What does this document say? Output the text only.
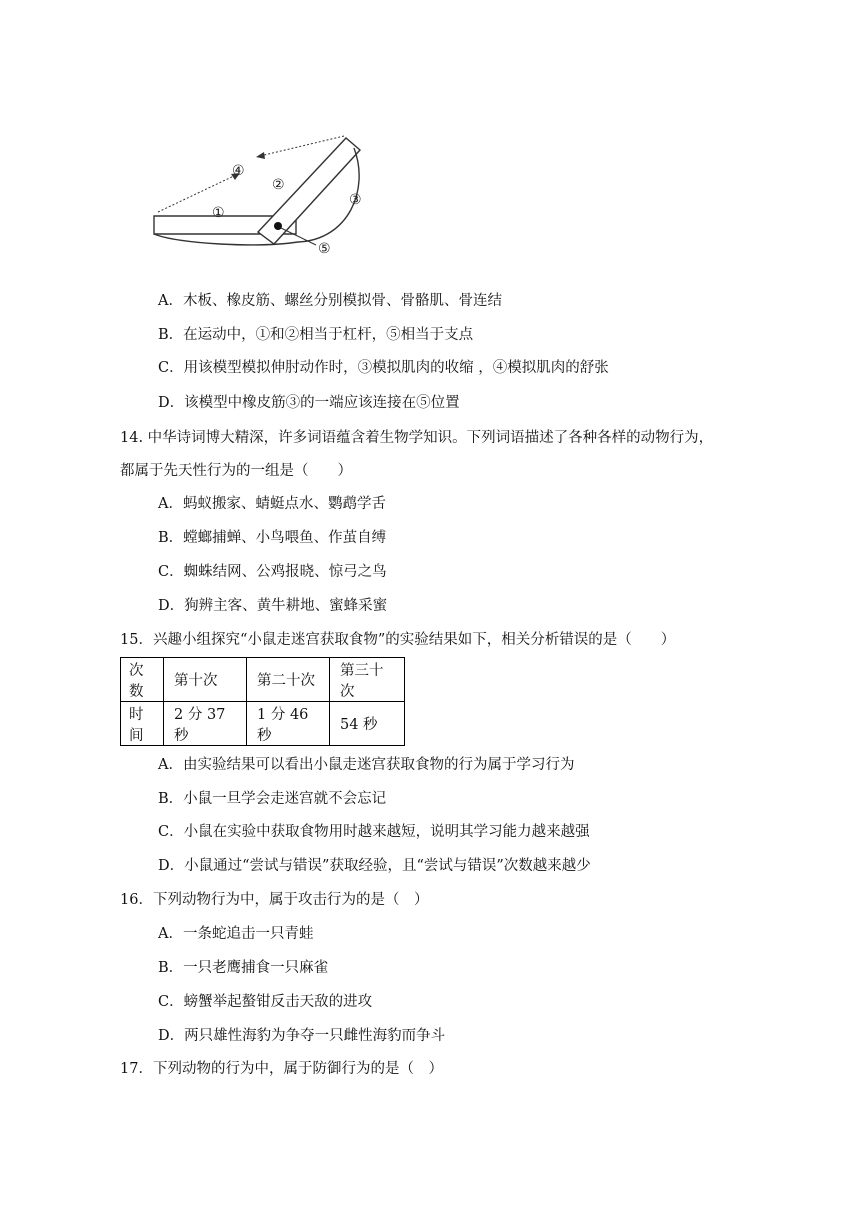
①
②
③
④
⑤
A．木板、橡皮筋、螺丝分别模拟骨、骨骼肌、骨连结
B．在运动中，①和②相当于杠杆，⑤相当于支点
C．用该模型模拟伸肘动作时，③模拟肌肉的收缩 ，④模拟肌肉的舒张
D．该模型中橡皮筋③的一端应该连接在⑤位置
14. 中华诗词博大精深，许多词语蕴含着生物学知识。下列词语描述了各种各样的动物行为，
都属于先天性行为的一组是（　　）
A．蚂蚁搬家、蜻蜓点水、鹦鹉学舌
B．螳螂捕蝉、小鸟喂鱼、作茧自缚
C．蜘蛛结网、公鸡报晓、惊弓之鸟
D．狗辨主客、黄牛耕地、蜜蜂采蜜
15．兴趣小组探究“小鼠走迷宫获取食物”的实验结果如下，相关分析错误的是（　　）
次数	第十次	第二十次	第三十次
时间	2 分 37 秒	1 分 46 秒	54 秒
A．由实验结果可以看出小鼠走迷宫获取食物的行为属于学习行为
B．小鼠一旦学会走迷宫就不会忘记
C．小鼠在实验中获取食物用时越来越短，说明其学习能力越来越强
D．小鼠通过“尝试与错误”获取经验，且“尝试与错误”次数越来越少
16．下列动物行为中，属于攻击行为的是（　）
A．一条蛇追击一只青蛙
B．一只老鹰捕食一只麻雀
C．螃蟹举起螯钳反击天敌的进攻
D．两只雄性海豹为争夺一只雌性海豹而争斗
17．下列动物的行为中，属于防御行为的是（　）
